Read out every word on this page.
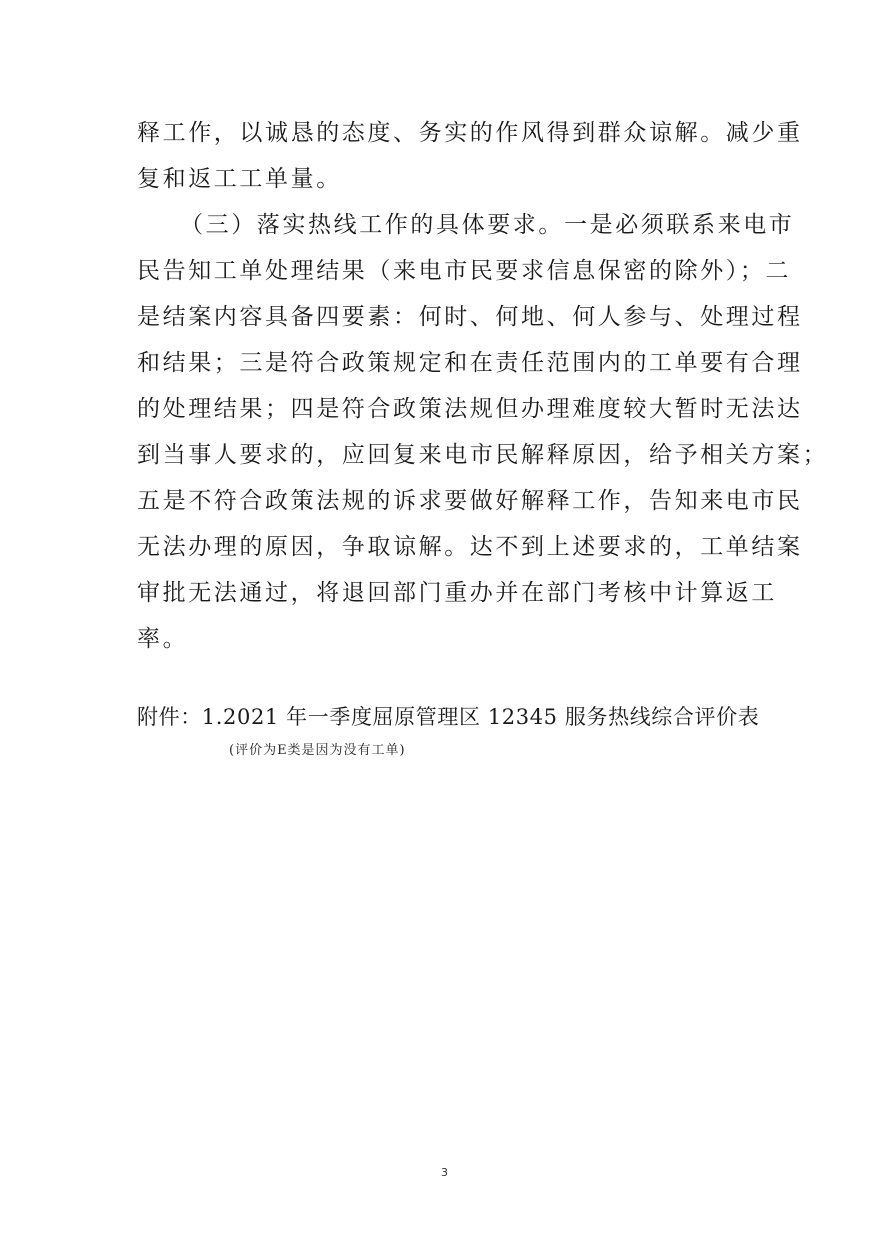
释工作，以诚恳的态度、务实的作风得到群众谅解。减少重
复和返工工单量。
（三）落实热线工作的具体要求。一是必须联系来电市
民告知工单处理结果（来电市民要求信息保密的除外）；二
是结案内容具备四要素：何时、何地、何人参与、处理过程
和结果；三是符合政策规定和在责任范围内的工单要有合理
的处理结果；四是符合政策法规但办理难度较大暂时无法达
到当事人要求的，应回复来电市民解释原因，给予相关方案；
五是不符合政策法规的诉求要做好解释工作，告知来电市民
无法办理的原因，争取谅解。达不到上述要求的，工单结案
审批无法通过，将退回部门重办并在部门考核中计算返工
率。
附件：1.2021 年一季度屈原管理区 12345 服务热线综合评价表
(评价为E类是因为没有工单)
3
